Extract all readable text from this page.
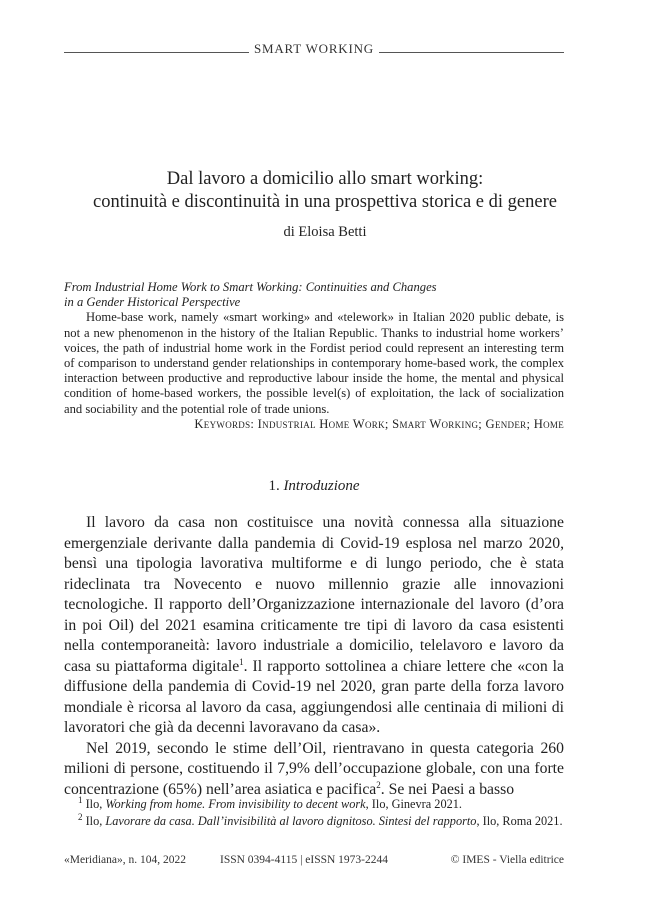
SMART WORKING
Dal lavoro a domicilio allo smart working:
continuità e discontinuità in una prospettiva storica e di genere
di Eloisa Betti
From Industrial Home Work to Smart Working: Continuities and Changes
in a Gender Historical Perspective
Home-base work, namely «smart working» and «telework» in Italian 2020 public debate, is not a new phenomenon in the history of the Italian Republic. Thanks to industrial home workers’ voices, the path of industrial home work in the Fordist period could represent an interesting term of comparison to understand gender relationships in contemporary home-based work, the complex interaction between productive and reproductive labour inside the home, the mental and physical condition of home-based workers, the possible level(s) of exploitation, the lack of socialization and sociability and the potential role of trade unions.
Keywords: Industrial Home Work; Smart Working; Gender; Home
1. Introduzione

Il lavoro da casa non costituisce una novità connessa alla situazione emergenziale derivante dalla pandemia di Covid-19 esplosa nel marzo 2020, bensì una tipologia lavorativa multiforme e di lungo periodo, che è stata rideclinata tra Novecento e nuovo millennio grazie alle innovazioni tecnologiche. Il rapporto dell’Organizzazione internazionale del lavoro (d’ora in poi Oil) del 2021 esamina criticamente tre tipi di lavoro da casa esistenti nella contemporaneità: lavoro industriale a domicilio, telelavoro e lavoro da casa su piattaforma digitale$^1$. Il rapporto sottolinea a chiare lettere che «con la diffusione della pandemia di Covid-19 nel 2020, gran parte della forza lavoro mondiale è ricorsa al lavoro da casa, aggiungendosi alle centinaia di milioni di lavoratori che già da decenni lavoravano da casa».

Nel 2019, secondo le stime dell’Oil, rientravano in questa categoria 260 milioni di persone, costituendo il 7,9% dell’occupazione globale, con una forte concentrazione (65%) nell’area asiatica e pacifica$^2$. Se nei Paesi a basso

$^1$ Ilo, Working from home. From invisibility to decent work, Ilo, Ginevra 2021.
$^2$ Ilo, Lavorare da casa. Dall’invisibilità al lavoro dignitoso. Sintesi del rapporto, Ilo, Roma 2021.
«Meridiana», n. 104, 2022	ISSN 0394-4115 | eISSN 1973-2244	© IMES - Viella editrice
